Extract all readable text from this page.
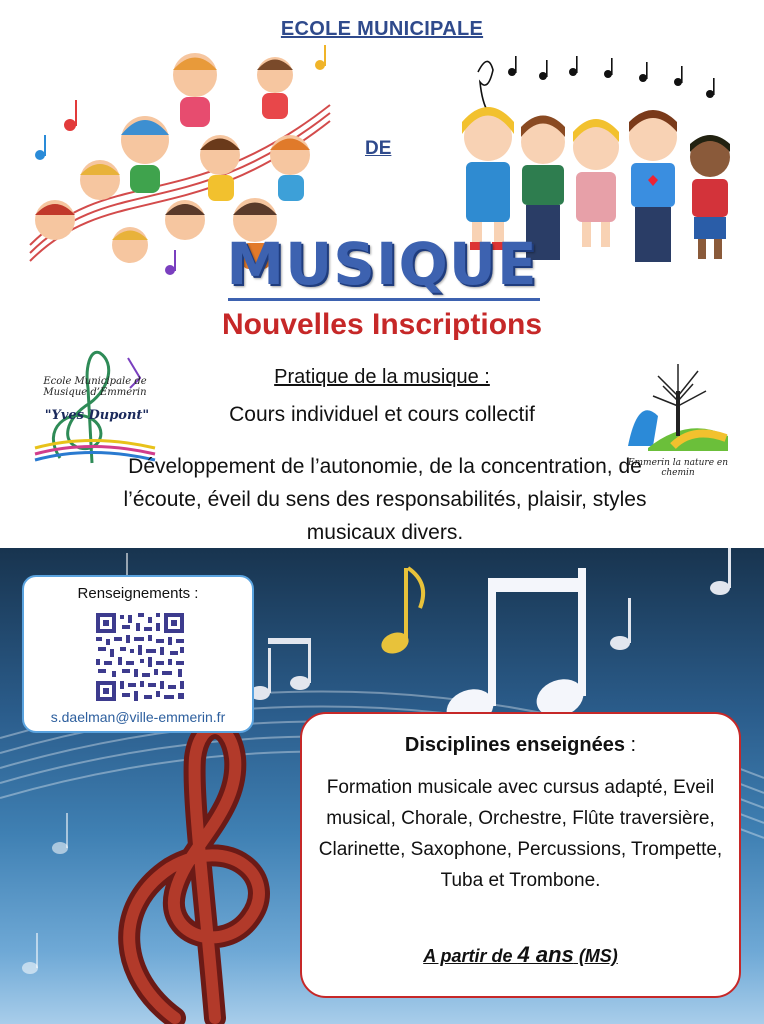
ECOLE MUNICIPALE
DE
MUSIQUE
Nouvelles Inscriptions
Ecole Municipale de Musique d’Emmerin
"Yves Dupont"
Emmerin la nature en chemin
Pratique de la musique :
Cours individuel et cours collectif
Développement de l’autonomie, de la concentration, de l’écoute, éveil du sens des responsabilités, plaisir, styles musicaux divers.
Renseignements :
s.daelman@ville-emmerin.fr
Disciplines enseignées :
Formation musicale avec cursus adapté, Eveil musical, Chorale, Orchestre, Flûte traversière, Clarinette, Saxophone, Percussions, Trompette, Tuba et Trombone.
A partir de 4 ans (MS)
